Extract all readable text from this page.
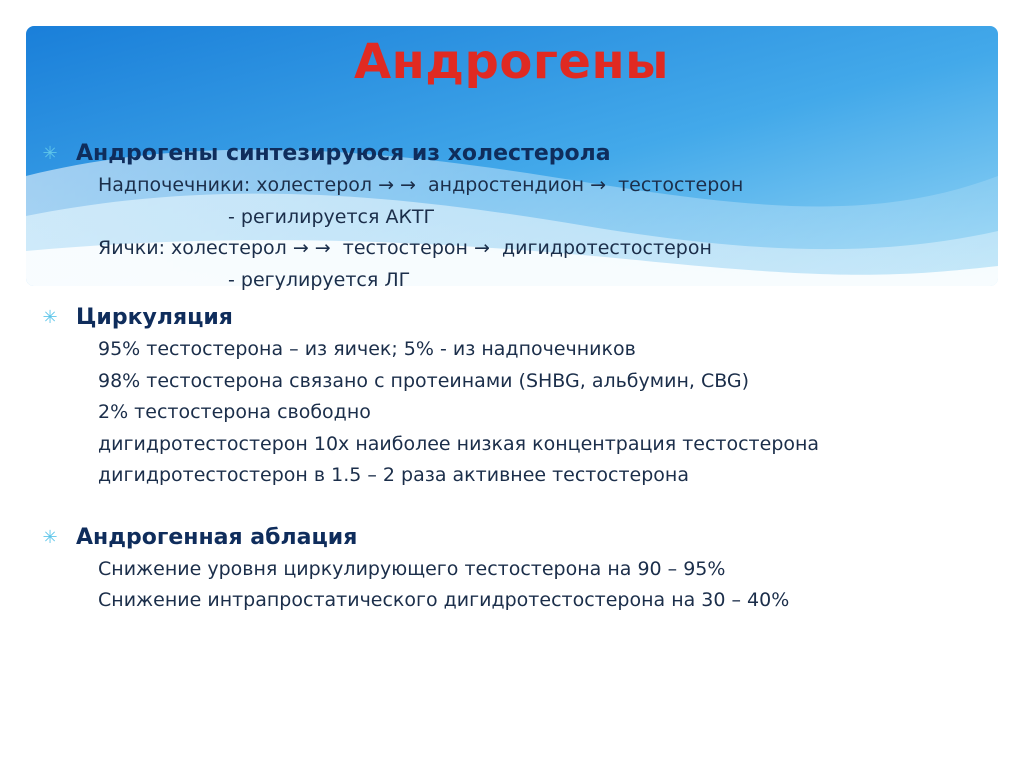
Андрогены
✳ Андрогены синтезируюся из холестерола
Надпочечники: холестерол → →  андростендион →  тестостерон
- регилируется АКТГ
Яички: холестерол → →  тестостерон →  дигидротестостерон
- регулируется ЛГ
✳ Циркуляция
95% тестостерона – из яичек; 5% - из надпочечников
98% тестостерона связано с протеинами (SHBG, альбумин, CBG)
2% тестостерона свободно
дигидротестостерон 10х наиболее низкая концентрация тестостерона
дигидротестостерон в 1.5 – 2 раза активнее тестостерона
✳ Андрогенная аблация
Снижение уровня циркулирующего тестостерона на 90 – 95%
Снижение интрапростатического дигидротестостерона на 30 – 40%
